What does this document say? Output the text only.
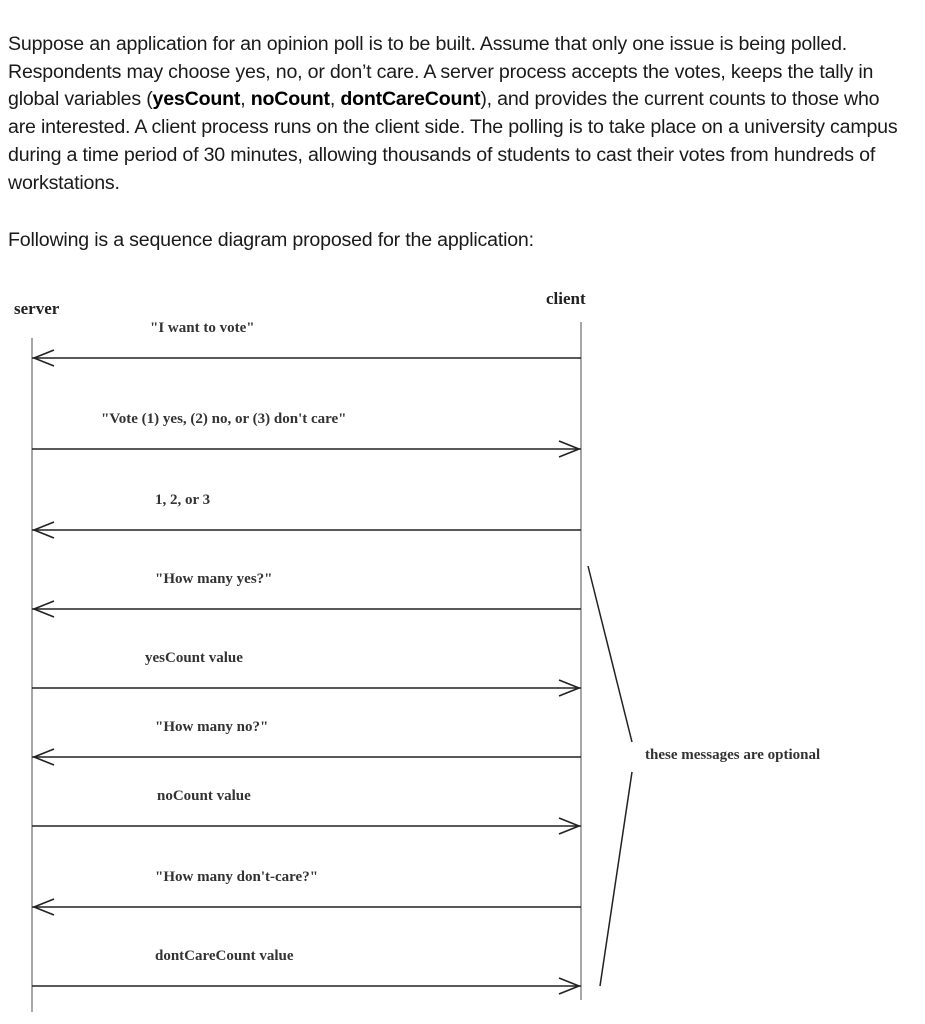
Suppose an application for an opinion poll is to be built. Assume that only one issue is being polled. Respondents may choose yes, no, or don’t care. A server process accepts the votes, keeps the tally in global variables (yesCount, noCount, dontCareCount), and provides the current counts to those who are interested. A client process runs on the client side. The polling is to take place on a university campus during a time period of 30 minutes, allowing thousands of students to cast their votes from hundreds of workstations.

Following is a sequence diagram proposed for the application:

server
client
"I want to vote"
"Vote (1) yes, (2) no, or (3) don't care"
1, 2, or 3
"How many yes?"
yesCount value
"How many no?"
noCount value
"How many don't-care?"
dontCareCount value
these messages are optional
